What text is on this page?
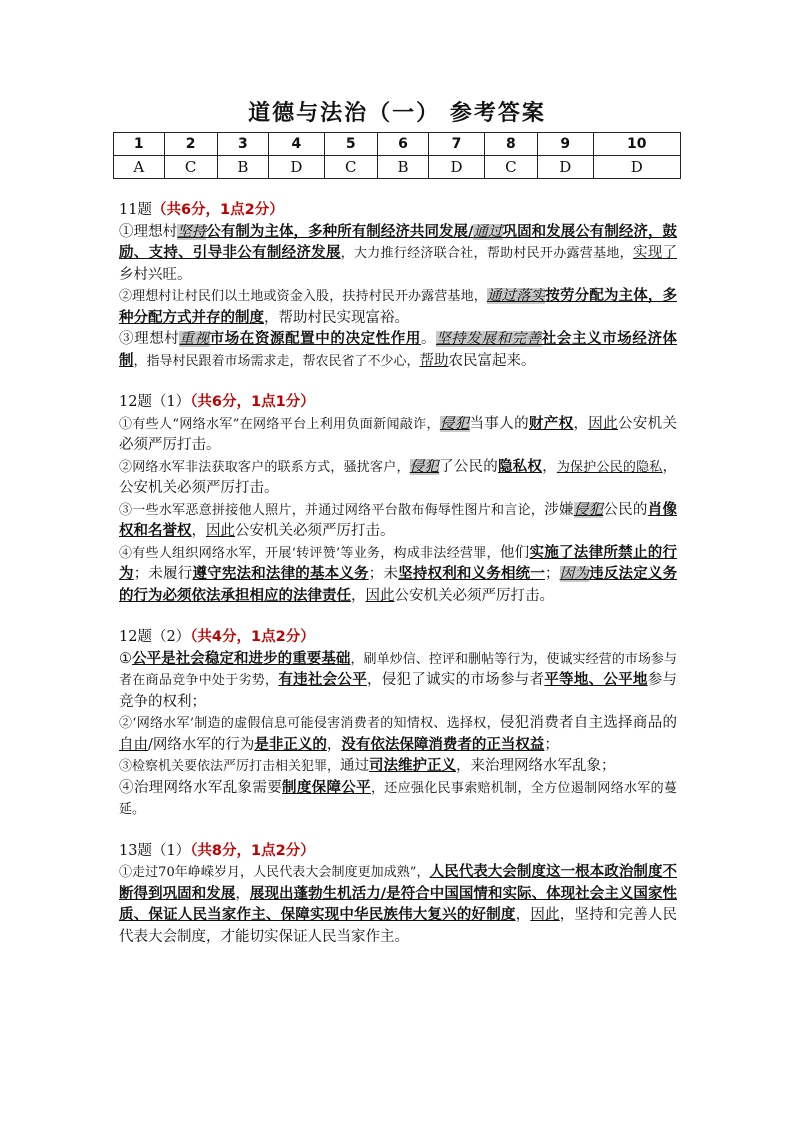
道德与法治（一） 参考答案
1	2	3	4	5	6	7	8	9	10
A	C	B	D	C	B	D	C	D	D
11题（共6分，1点2分）
①理想村坚持公有制为主体，多种所有制经济共同发展/通过巩固和发展公有制经济，鼓励、支持、引导非公有制经济发展，大力推行经济联合社，帮助村民开办露营基地，实现了乡村兴旺。
②理想村让村民们以土地或资金入股，扶持村民开办露营基地，通过落实按劳分配为主体，多种分配方式并存的制度，帮助村民实现富裕。
③理想村重视市场在资源配置中的决定性作用。坚持发展和完善社会主义市场经济体制，指导村民跟着市场需求走，帮农民省了不少心，帮助农民富起来。
12题（1）（共6分，1点1分）
①有些人“网络水军”在网络平台上利用负面新闻敲诈，侵犯当事人的财产权，因此公安机关必须严厉打击。
②网络水军非法获取客户的联系方式，骚扰客户，侵犯了公民的隐私权，为保护公民的隐私，公安机关必须严厉打击。
③一些水军恶意拼接他人照片，并通过网络平台散布侮辱性图片和言论，涉嫌侵犯公民的肖像权和名誉权，因此公安机关必须严厉打击。
④有些人组织网络水军，开展‘转评赞’等业务，构成非法经营罪，他们实施了法律所禁止的行为；未履行遵守宪法和法律的基本义务；未坚持权利和义务相统一；因为违反法定义务的行为必须依法承担相应的法律责任，因此公安机关必须严厉打击。
12题（2）（共4分，1点2分）
①公平是社会稳定和进步的重要基础，刷单炒信、控评和删帖等行为，使诚实经营的市场参与者在商品竞争中处于劣势，有违社会公平，侵犯了诚实的市场参与者平等地、公平地参与竞争的权利；
②‘网络水军’制造的虚假信息可能侵害消费者的知情权、选择权，侵犯消费者自主选择商品的自由/网络水军的行为是非正义的，没有依法保障消费者的正当权益；
③检察机关要依法严厉打击相关犯罪，通过司法维护正义，来治理网络水军乱象；
④治理网络水军乱象需要制度保障公平，还应强化民事索赔机制，全方位遏制网络水军的蔓延。
13题（1）（共8分，1点2分）
①走过70年峥嵘岁月，人民代表大会制度更加成熟”，人民代表大会制度这一根本政治制度不断得到巩固和发展，展现出蓬勃生机活力/是符合中国国情和实际、体现社会主义国家性质、保证人民当家作主、保障实现中华民族伟大复兴的好制度，因此，坚持和完善人民代表大会制度，才能切实保证人民当家作主。
